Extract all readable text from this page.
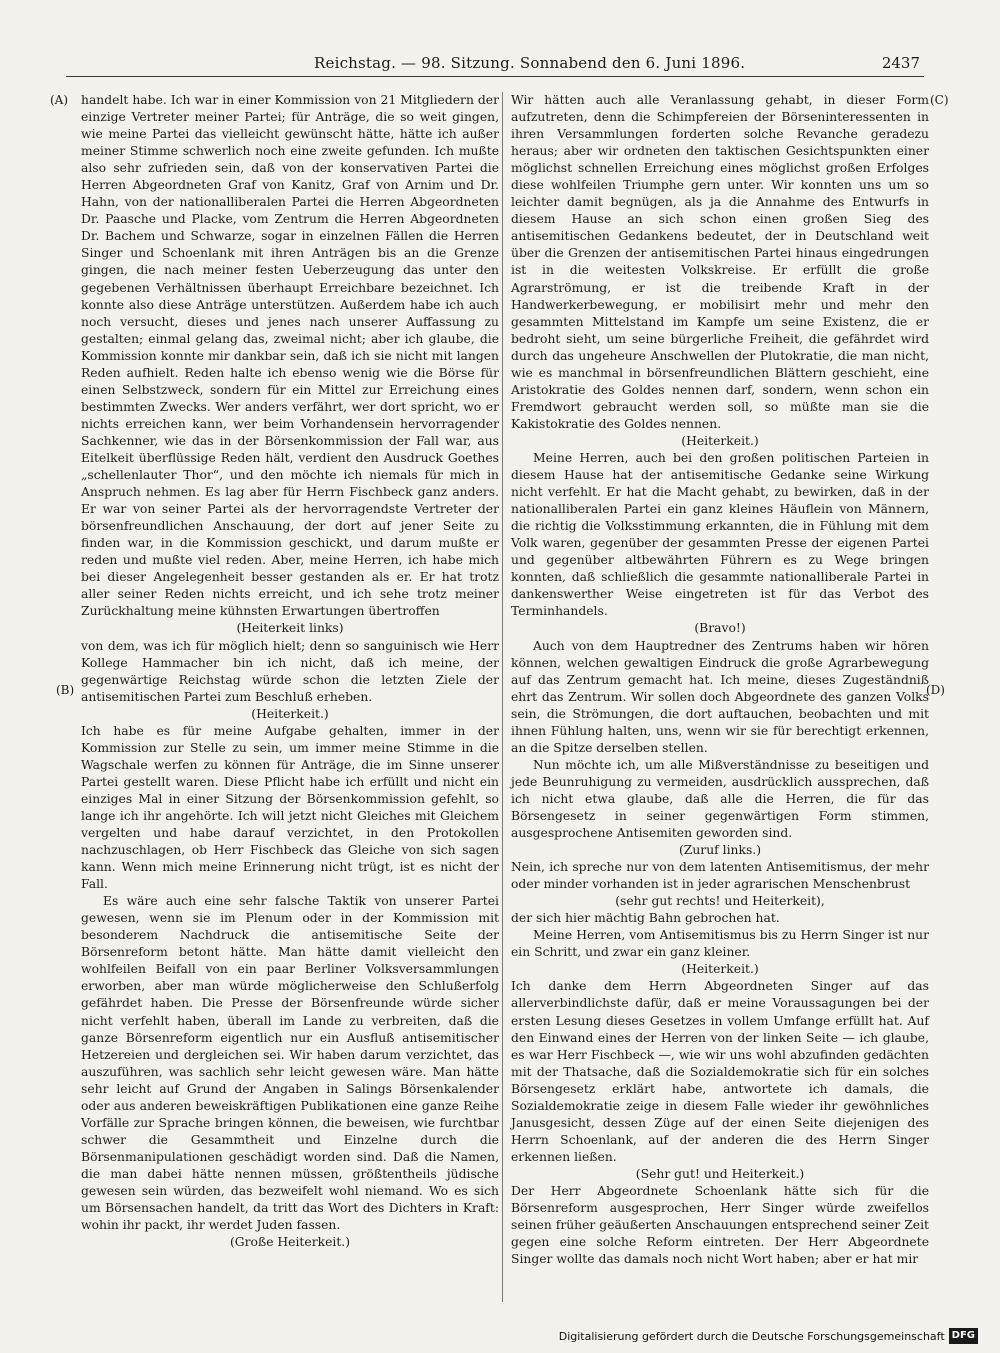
Reichstag. — 98. Sitzung. Sonnabend den 6. Juni 1896.	2437
(A)
(B)
(C)
(D)

handelt habe. Ich war in einer Kommission von 21 Mitgliedern der einzige Vertreter meiner Partei; für Anträge, die so weit gingen, wie meine Partei das vielleicht gewünscht hätte, hätte ich außer meiner Stimme schwerlich noch eine zweite gefunden. Ich mußte also sehr zufrieden sein, daß von der konservativen Partei die Herren Abgeordneten Graf von Kanitz, Graf von Arnim und Dr. Hahn, von der nationalliberalen Partei die Herren Abgeordneten Dr. Paasche und Placke, vom Zentrum die Herren Abgeordneten Dr. Bachem und Schwarze, sogar in einzelnen Fällen die Herren Singer und Schoenlank mit ihren Anträgen bis an die Grenze gingen, die nach meiner festen Ueberzeugung das unter den gegebenen Verhältnissen überhaupt Erreichbare bezeichnet. Ich konnte also diese Anträge unterstützen. Außerdem habe ich auch noch versucht, dieses und jenes nach unserer Auffassung zu gestalten; einmal gelang das, zweimal nicht; aber ich glaube, die Kommission konnte mir dankbar sein, daß ich sie nicht mit langen Reden aufhielt. Reden halte ich ebenso wenig wie die Börse für einen Selbstzweck, sondern für ein Mittel zur Erreichung eines bestimmten Zwecks. Wer anders verfährt, wer dort spricht, wo er nichts erreichen kann, wer beim Vorhandensein hervorragender Sachkenner, wie das in der Börsenkommission der Fall war, aus Eitelkeit überflüssige Reden hält, verdient den Ausdruck Goethes „schellenlauter Thor“, und den möchte ich niemals für mich in Anspruch nehmen. Es lag aber für Herrn Fischbeck ganz anders. Er war von seiner Partei als der hervorragendste Vertreter der börsenfreundlichen Anschauung, der dort auf jener Seite zu finden war, in die Kommission geschickt, und darum mußte er reden und mußte viel reden. Aber, meine Herren, ich habe mich bei dieser Angelegenheit besser gestanden als er. Er hat trotz aller seiner Reden nichts erreicht, und ich sehe trotz meiner Zurückhaltung meine kühnsten Erwartungen übertroffen

(Heiterkeit links)

von dem, was ich für möglich hielt; denn so sanguinisch wie Herr Kollege Hammacher bin ich nicht, daß ich meine, der gegenwärtige Reichstag würde schon die letzten Ziele der antisemitischen Partei zum Beschluß erheben.

(Heiterkeit.)

Ich habe es für meine Aufgabe gehalten, immer in der Kommission zur Stelle zu sein, um immer meine Stimme in die Wagschale werfen zu können für Anträge, die im Sinne unserer Partei gestellt waren. Diese Pflicht habe ich erfüllt und nicht ein einziges Mal in einer Sitzung der Börsenkommission gefehlt, so lange ich ihr angehörte. Ich will jetzt nicht Gleiches mit Gleichem vergelten und habe darauf verzichtet, in den Protokollen nachzuschlagen, ob Herr Fischbeck das Gleiche von sich sagen kann. Wenn mich meine Erinnerung nicht trügt, ist es nicht der Fall.

Es wäre auch eine sehr falsche Taktik von unserer Partei gewesen, wenn sie im Plenum oder in der Kommission mit besonderem Nachdruck die antisemitische Seite der Börsenreform betont hätte. Man hätte damit vielleicht den wohlfeilen Beifall von ein paar Berliner Volksversammlungen erworben, aber man würde möglicherweise den Schlußerfolg gefährdet haben. Die Presse der Börsenfreunde würde sicher nicht verfehlt haben, überall im Lande zu verbreiten, daß die ganze Börsenreform eigentlich nur ein Ausfluß antisemitischer Hetzereien und dergleichen sei. Wir haben darum verzichtet, das auszuführen, was sachlich sehr leicht gewesen wäre. Man hätte sehr leicht auf Grund der Angaben in Salings Börsenkalender oder aus anderen beweiskräftigen Publikationen eine ganze Reihe Vorfälle zur Sprache bringen können, die beweisen, wie furchtbar schwer die Gesammtheit und Einzelne durch die Börsenmanipulationen geschädigt worden sind. Daß die Namen, die man dabei hätte nennen müssen, größtentheils jüdische gewesen sein würden, das bezweifelt wohl niemand. Wo es sich um Börsensachen handelt, da tritt das Wort des Dichters in Kraft: wohin ihr packt, ihr werdet Juden fassen.

(Große Heiterkeit.)

Wir hätten auch alle Veranlassung gehabt, in dieser Form aufzutreten, denn die Schimpfereien der Börseninteressenten in ihren Versammlungen forderten solche Revanche geradezu heraus; aber wir ordneten den taktischen Gesichtspunkten einer möglichst schnellen Erreichung eines möglichst großen Erfolges diese wohlfeilen Triumphe gern unter. Wir konnten uns um so leichter damit begnügen, als ja die Annahme des Entwurfs in diesem Hause an sich schon einen großen Sieg des antisemitischen Gedankens bedeutet, der in Deutschland weit über die Grenzen der antisemitischen Partei hinaus eingedrungen ist in die weitesten Volkskreise. Er erfüllt die große Agrarströmung, er ist die treibende Kraft in der Handwerkerbewegung, er mobilisirt mehr und mehr den gesammten Mittelstand im Kampfe um seine Existenz, die er bedroht sieht, um seine bürgerliche Freiheit, die gefährdet wird durch das ungeheure Anschwellen der Plutokratie, die man nicht, wie es manchmal in börsenfreundlichen Blättern geschieht, eine Aristokratie des Goldes nennen darf, sondern, wenn schon ein Fremdwort gebraucht werden soll, so müßte man sie die Kakistokratie des Goldes nennen.

(Heiterkeit.)

Meine Herren, auch bei den großen politischen Parteien in diesem Hause hat der antisemitische Gedanke seine Wirkung nicht verfehlt. Er hat die Macht gehabt, zu bewirken, daß in der nationalliberalen Partei ein ganz kleines Häuflein von Männern, die richtig die Volksstimmung erkannten, die in Fühlung mit dem Volk waren, gegenüber der gesammten Presse der eigenen Partei und gegenüber altbewährten Führern es zu Wege bringen konnten, daß schließlich die gesammte nationalliberale Partei in dankenswerther Weise eingetreten ist für das Verbot des Terminhandels.

(Bravo!)

Auch von dem Hauptredner des Zentrums haben wir hören können, welchen gewaltigen Eindruck die große Agrarbewegung auf das Zentrum gemacht hat. Ich meine, dieses Zugeständniß ehrt das Zentrum. Wir sollen doch Abgeordnete des ganzen Volks sein, die Strömungen, die dort auftauchen, beobachten und mit ihnen Fühlung halten, uns, wenn wir sie für berechtigt erkennen, an die Spitze derselben stellen.

Nun möchte ich, um alle Mißverständnisse zu beseitigen und jede Beunruhigung zu vermeiden, ausdrücklich aussprechen, daß ich nicht etwa glaube, daß alle die Herren, die für das Börsengesetz in seiner gegenwärtigen Form stimmen, ausgesprochene Antisemiten geworden sind.

(Zuruf links.)

Nein, ich spreche nur von dem latenten Antisemitismus, der mehr oder minder vorhanden ist in jeder agrarischen Menschenbrust

(sehr gut rechts! und Heiterkeit),

der sich hier mächtig Bahn gebrochen hat.

Meine Herren, vom Antisemitismus bis zu Herrn Singer ist nur ein Schritt, und zwar ein ganz kleiner.

(Heiterkeit.)

Ich danke dem Herrn Abgeordneten Singer auf das allerverbindlichste dafür, daß er meine Voraussagungen bei der ersten Lesung dieses Gesetzes in vollem Umfange erfüllt hat. Auf den Einwand eines der Herren von der linken Seite — ich glaube, es war Herr Fischbeck —, wie wir uns wohl abzufinden gedächten mit der Thatsache, daß die Sozialdemokratie sich für ein solches Börsengesetz erklärt habe, antwortete ich damals, die Sozialdemokratie zeige in diesem Falle wieder ihr gewöhnliches Janusgesicht, dessen Züge auf der einen Seite diejenigen des Herrn Schoenlank, auf der anderen die des Herrn Singer erkennen ließen.

(Sehr gut! und Heiterkeit.)

Der Herr Abgeordnete Schoenlank hätte sich für die Börsenreform ausgesprochen, Herr Singer würde zweifellos seinen früher geäußerten Anschauungen entsprechend seiner Zeit gegen eine solche Reform eintreten. Der Herr Abgeordnete Singer wollte das damals noch nicht Wort haben; aber er hat mir

Digitalisierung gefördert durch die Deutsche Forschungsgemeinschaft DFG
